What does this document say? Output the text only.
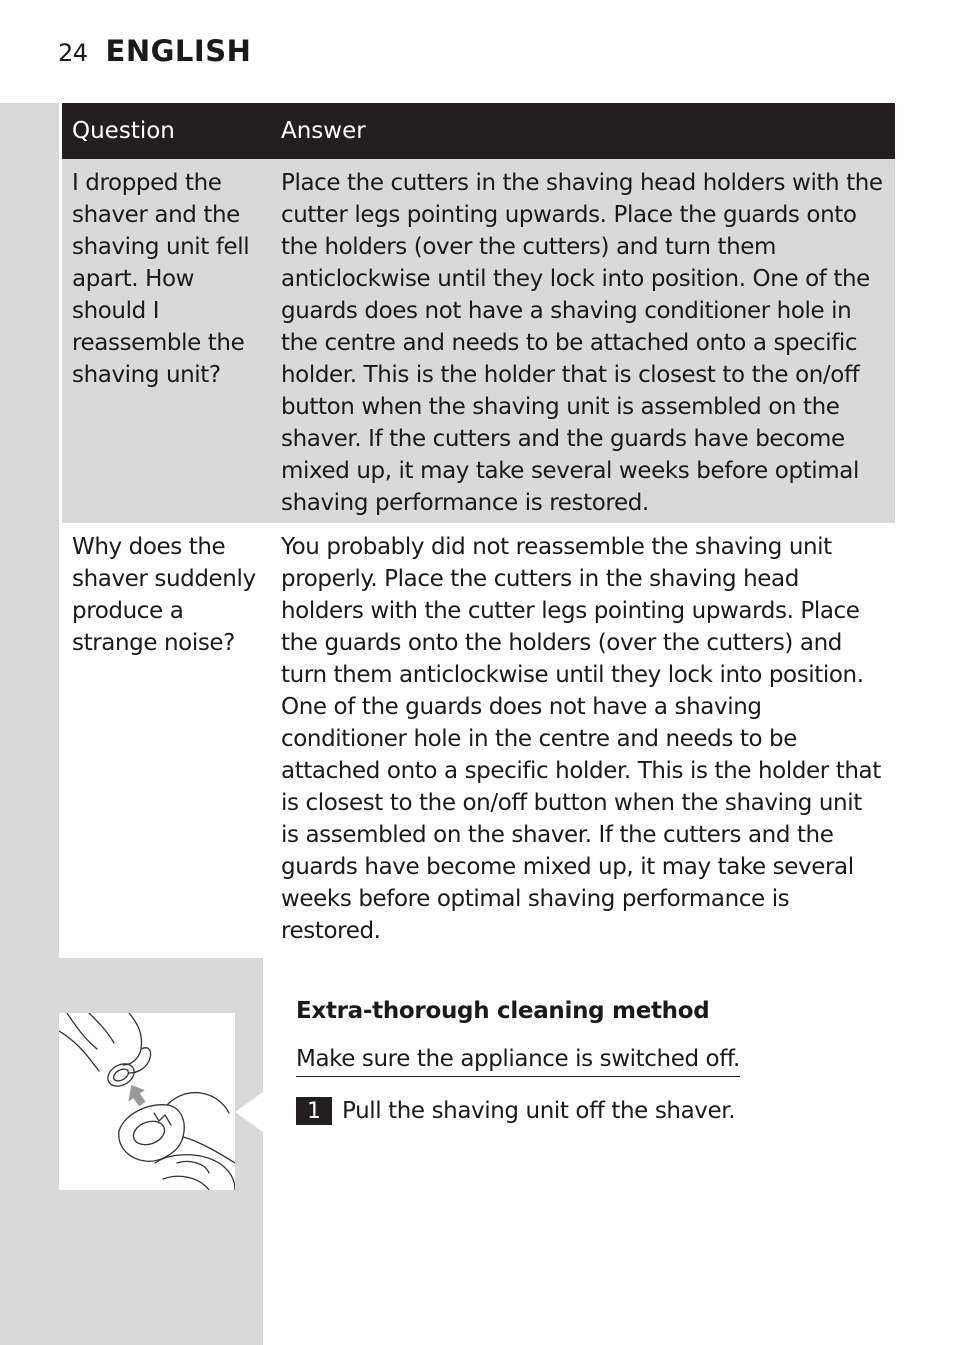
24 ENGLISH
Question	Answer
I dropped the shaver and the shaving unit fell apart. How should I reassemble the shaving unit?	Place the cutters in the shaving head holders with the cutter legs pointing upwards. Place the guards onto the holders (over the cutters) and turn them anticlockwise until they lock into position. One of the guards does not have a shaving conditioner hole in the centre and needs to be attached onto a specific holder. This is the holder that is closest to the on/off button when the shaving unit is assembled on the shaver. If the cutters and the guards have become mixed up, it may take several weeks before optimal shaving performance is restored.
Why does the shaver suddenly produce a strange noise?	You probably did not reassemble the shaving unit properly. Place the cutters in the shaving head holders with the cutter legs pointing upwards. Place the guards onto the holders (over the cutters) and turn them anticlockwise until they lock into position. One of the guards does not have a shaving conditioner hole in the centre and needs to be attached onto a specific holder. This is the holder that is closest to the on/off button when the shaving unit is assembled on the shaver. If the cutters and the guards have become mixed up, it may take several weeks before optimal shaving performance is restored.
Extra-thorough cleaning method
Make sure the appliance is switched off.
1 Pull the shaving unit off the shaver.
